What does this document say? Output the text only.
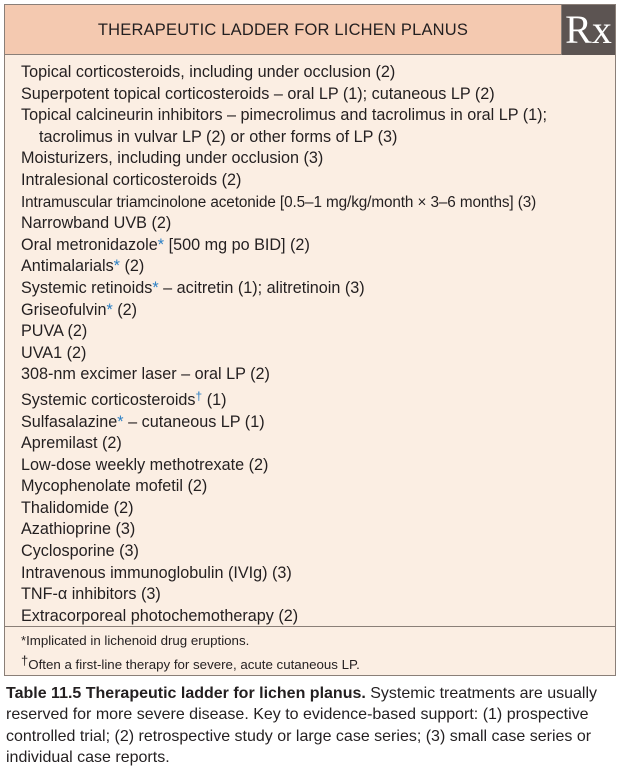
THERAPEUTIC LADDER FOR LICHEN PLANUS	Rx
Topical corticosteroids, including under occlusion (2)
Superpotent topical corticosteroids – oral LP (1); cutaneous LP (2)
Topical calcineurin inhibitors – pimecrolimus and tacrolimus in oral LP (1); tacrolimus in vulvar LP (2) or other forms of LP (3)
Moisturizers, including under occlusion (3)
Intralesional corticosteroids (2)
Intramuscular triamcinolone acetonide [0.5–1 mg/kg/month × 3–6 months] (3)
Narrowband UVB (2)
Oral metronidazole* [500 mg po BID] (2)
Antimalarials* (2)
Systemic retinoids* – acitretin (1); alitretinoin (3)
Griseofulvin* (2)
PUVA (2)
UVA1 (2)
308-nm excimer laser – oral LP (2)
Systemic corticosteroids† (1)
Sulfasalazine* – cutaneous LP (1)
Apremilast (2)
Low-dose weekly methotrexate (2)
Mycophenolate mofetil (2)
Thalidomide (2)
Azathioprine (3)
Cyclosporine (3)
Intravenous immunoglobulin (IVIg) (3)
TNF-α inhibitors (3)
Extracorporeal photochemotherapy (2)
*Implicated in lichenoid drug eruptions.
†Often a first-line therapy for severe, acute cutaneous LP.
Table 11.5 Therapeutic ladder for lichen planus. Systemic treatments are usually reserved for more severe disease. Key to evidence-based support: (1) prospective controlled trial; (2) retrospective study or large case series; (3) small case series or individual case reports.
